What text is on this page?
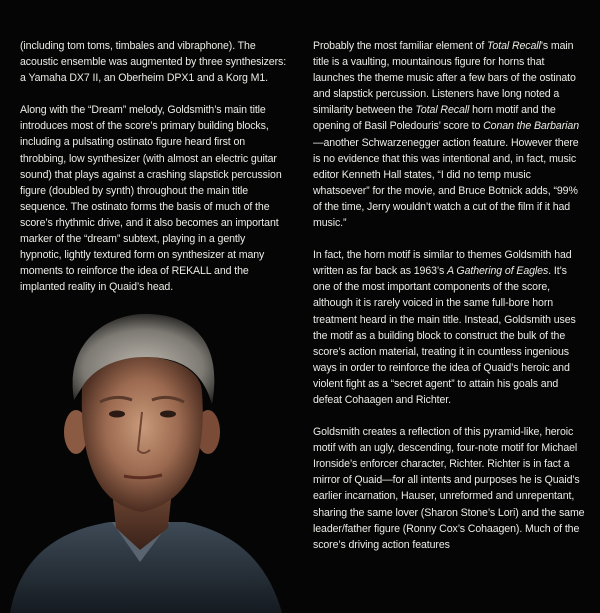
(including tom toms, timbales and vibraphone). The acoustic ensemble was augmented by three synthesizers: a Yamaha DX7 II, an Oberheim DPX1 and a Korg M1.

Along with the “Dream” melody, Goldsmith’s main title introduces most of the score’s primary building blocks, including a pulsating ostinato figure heard first on throbbing, low synthesizer (with almost an electric guitar sound) that plays against a crashing slapstick percussion figure (doubled by synth) throughout the main title sequence. The ostinato forms the basis of much of the score’s rhythmic drive, and it also becomes an important marker of the “dream” subtext, playing in a gently hypnotic, lightly textured form on synthesizer at many moments to reinforce the idea of REKALL and the implanted reality in Quaid’s head.

Probably the most familiar element of Total Recall’s main title is a vaulting, mountainous figure for horns that launches the theme music after a few bars of the ostinato and slapstick percussion. Listeners have long noted a similarity between the Total Recall horn motif and the opening of Basil Poledouris’ score to Conan the Barbarian—another Schwarzenegger action feature. However there is no evidence that this was intentional and, in fact, music editor Kenneth Hall states, “I did no temp music whatsoever” for the movie, and Bruce Botnick adds, “99% of the time, Jerry wouldn’t watch a cut of the film if it had music.”

In fact, the horn motif is similar to themes Goldsmith had written as far back as 1963’s A Gathering of Eagles. It’s one of the most important components of the score, although it is rarely voiced in the same full-bore horn treatment heard in the main title. Instead, Goldsmith uses the motif as a building block to construct the bulk of the score’s action material, treating it in countless ingenious ways in order to reinforce the idea of Quaid’s heroic and violent fight as a “secret agent” to attain his goals and defeat Cohaagen and Richter.

Goldsmith creates a reflection of this pyramid-like, heroic motif with an ugly, descending, four-note motif for Michael Ironside’s enforcer character, Richter. Richter is in fact a mirror of Quaid—for all intents and purposes he is Quaid’s earlier incarnation, Hauser, unreformed and unrepentant, sharing the same lover (Sharon Stone’s Lori) and the same leader/father figure (Ronny Cox’s Cohaagen). Much of the score’s driving action features
